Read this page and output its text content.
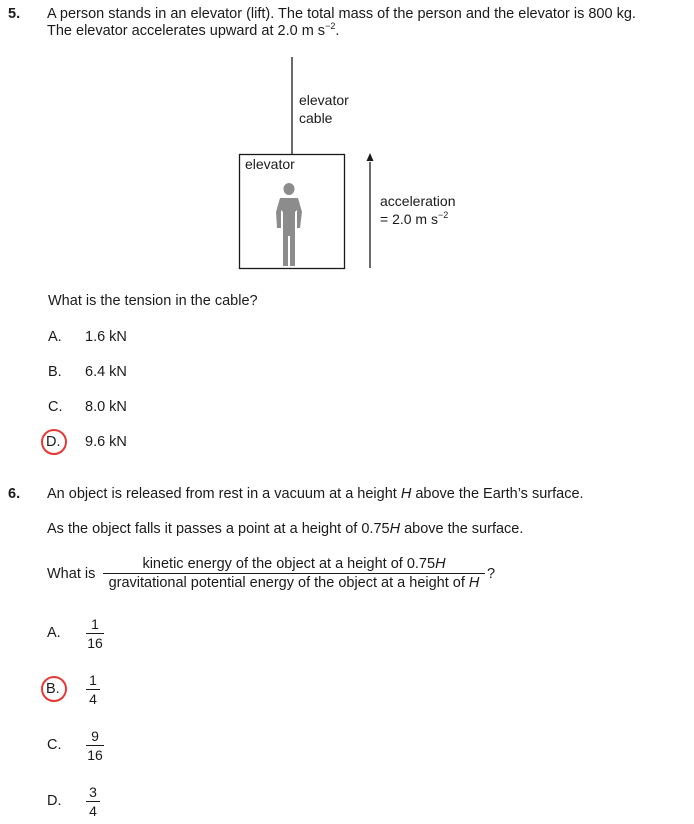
5. A person stands in an elevator (lift). The total mass of the person and the elevator is 800 kg.
The elevator accelerates upward at 2.0 m $s^{-2}$.
elevator
cable
elevator
acceleration
= 2.0 m $s^{-2}$
What is the tension in the cable?
A. 1.6 kN
B. 6.4 kN
C. 8.0 kN
D. 9.6 kN
6. An object is released from rest in a vacuum at a height H above the Earth’s surface.
As the object falls it passes a point at a height of 0.75H above the surface.
What is
kinetic energy of the object at a height of 0.75H
gravitational potential energy of the object at a height of H
?
A.
1
16
B.
1
4
C.
9
16
D.
3
4
